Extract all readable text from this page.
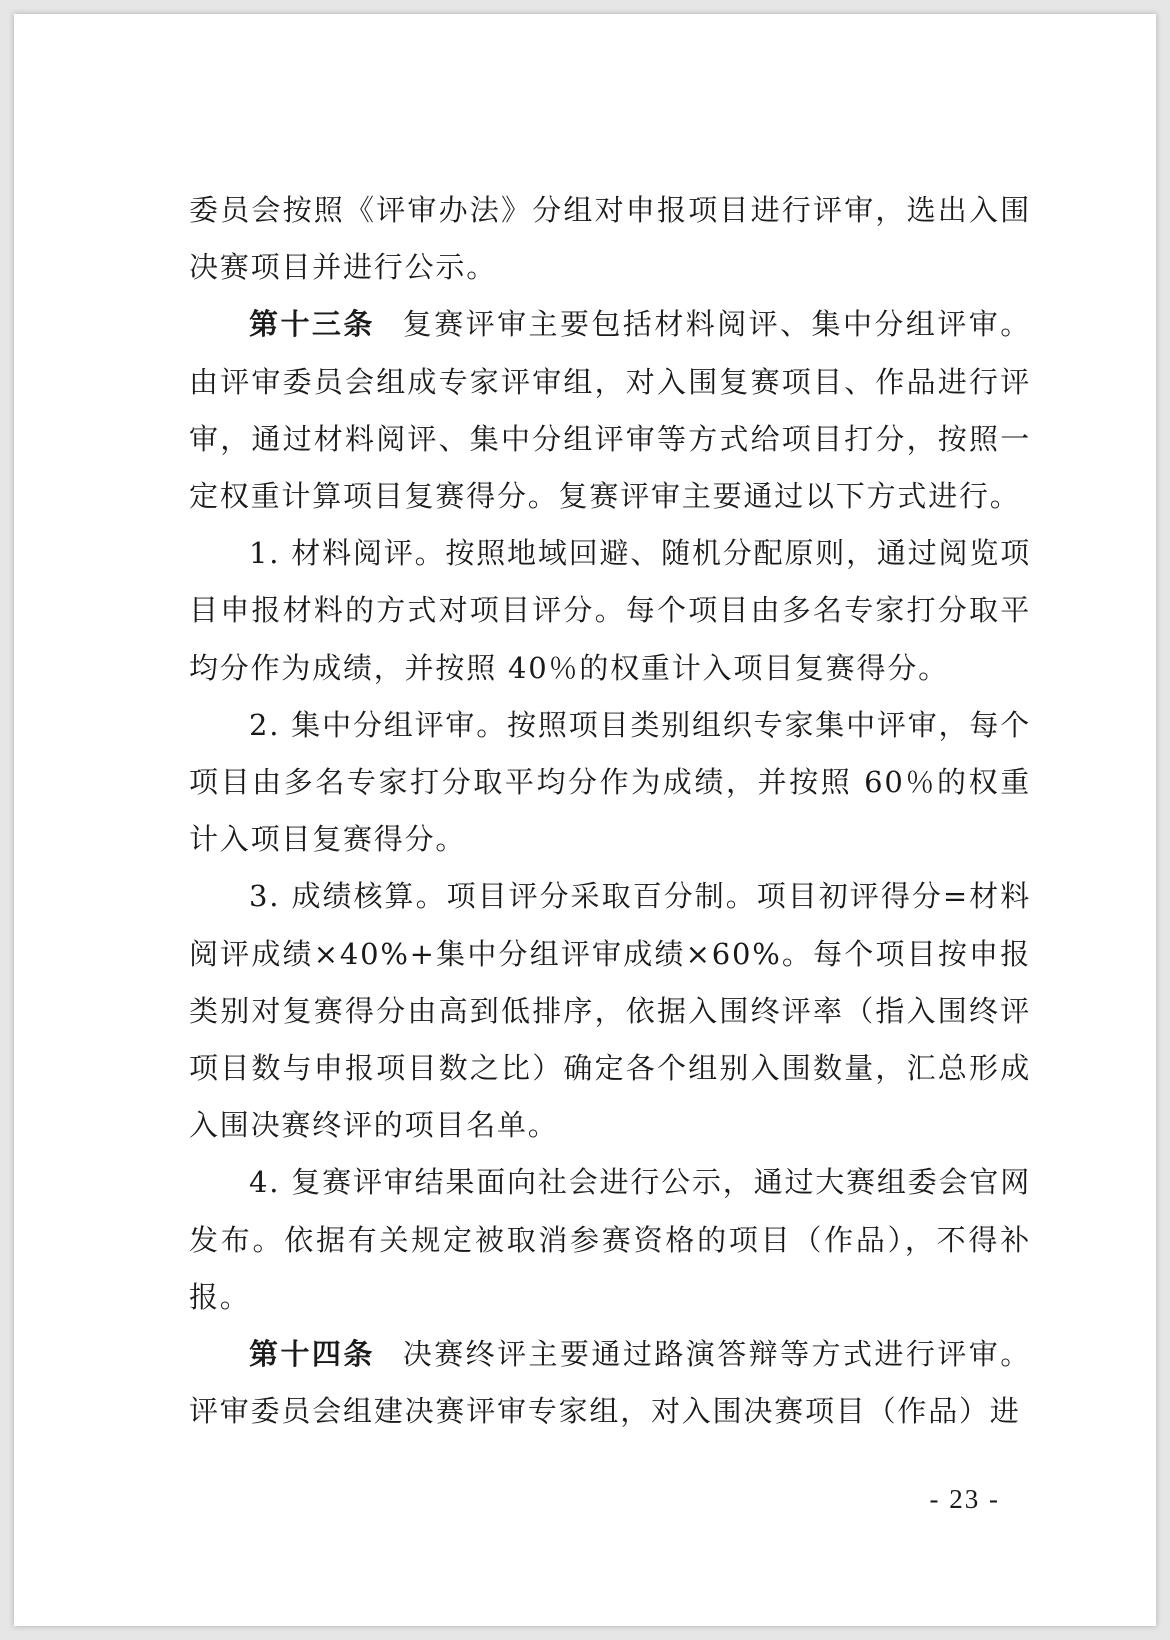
委员会按照《评审办法》分组对申报项目进行评审，选出入围决赛项目并进行公示。

第十三条 复赛评审主要包括材料阅评、集中分组评审。由评审委员会组成专家评审组，对入围复赛项目、作品进行评审，通过材料阅评、集中分组评审等方式给项目打分，按照一定权重计算项目复赛得分。复赛评审主要通过以下方式进行。

1. 材料阅评。按照地域回避、随机分配原则，通过阅览项目申报材料的方式对项目评分。每个项目由多名专家打分取平均分作为成绩，并按照 40％的权重计入项目复赛得分。

2. 集中分组评审。按照项目类别组织专家集中评审，每个项目由多名专家打分取平均分作为成绩，并按照 60％的权重计入项目复赛得分。

3. 成绩核算。项目评分采取百分制。项目初评得分=材料阅评成绩×40%+集中分组评审成绩×60%。每个项目按申报类别对复赛得分由高到低排序，依据入围终评率（指入围终评项目数与申报项目数之比）确定各个组别入围数量，汇总形成入围决赛终评的项目名单。

4. 复赛评审结果面向社会进行公示，通过大赛组委会官网发布。依据有关规定被取消参赛资格的项目（作品），不得补报。

第十四条 决赛终评主要通过路演答辩等方式进行评审。评审委员会组建决赛评审专家组，对入围决赛项目（作品）进

- 23 -
